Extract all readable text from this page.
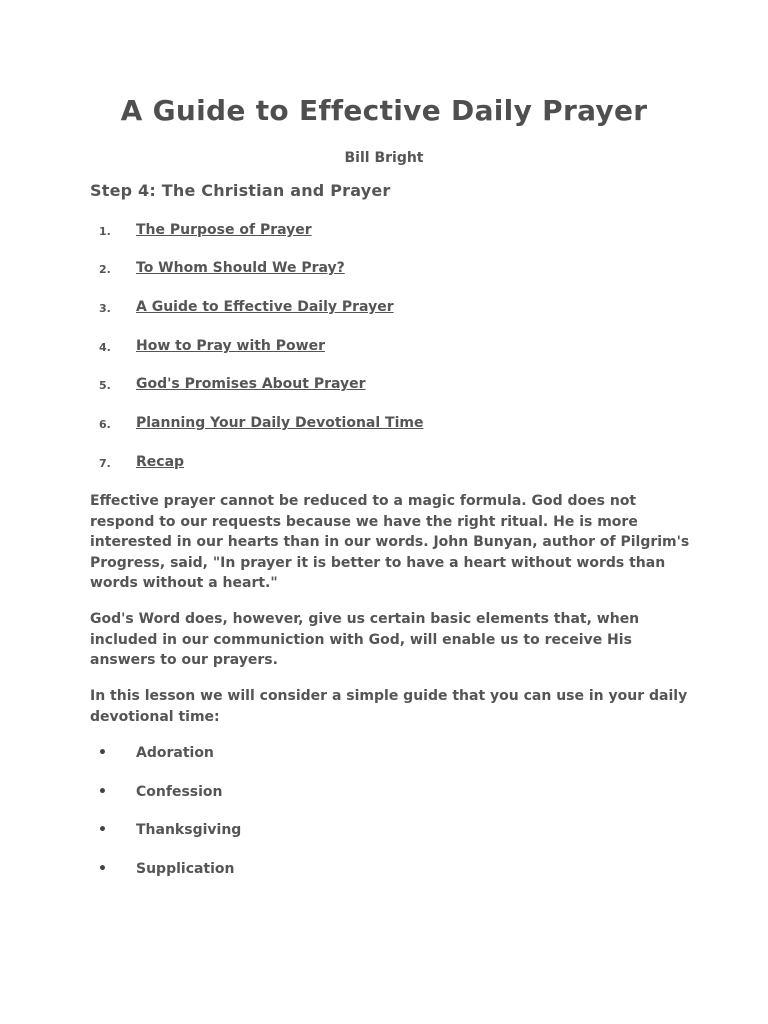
A Guide to Effective Daily Prayer

Bill Bright

Step 4: The Christian and Prayer
1. The Purpose of Prayer
2. To Whom Should We Pray?
3. A Guide to Effective Daily Prayer
4. How to Pray with Power
5. God's Promises About Prayer
6. Planning Your Daily Devotional Time
7. Recap

Effective prayer cannot be reduced to a magic formula. God does not respond to our requests because we have the right ritual. He is more interested in our hearts than in our words. John Bunyan, author of Pilgrim's Progress, said, "In prayer it is better to have a heart without words than words without a heart."

God's Word does, however, give us certain basic elements that, when included in our communiction with God, will enable us to receive His answers to our prayers.

In this lesson we will consider a simple guide that you can use in your daily devotional time:

• Adoration
• Confession
• Thanksgiving
• Supplication
